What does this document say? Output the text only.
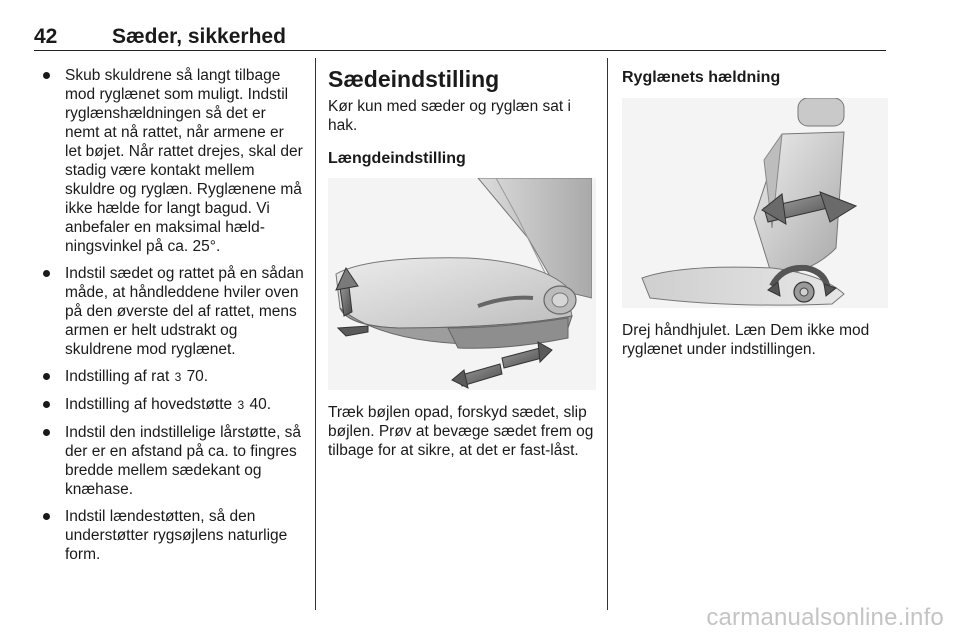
42	Sæder, sikkerhed
Skub skuldrene så langt tilbage mod ryglænet som muligt. Indstil ryglænshældningen så det er nemt at nå rattet, når armene er let bøjet. Når rattet drejes, skal der stadig være kontakt mellem skuldre og ryglæn. Ryglænene må ikke hælde for langt bagud. Vi anbefaler en maksimal hæld-ningsvinkel på ca. 25°.
Indstil sædet og rattet på en sådan måde, at håndleddene hviler oven på den øverste del af rattet, mens armen er helt udstrakt og skuldrene mod ryglænet.
Indstilling af rat 3 70.
Indstilling af hovedstøtte 3 40.
Indstil den indstillelige lårstøtte, så der er en afstand på ca. to fingres bredde mellem sædekant og knæhase.
Indstil lændestøtten, så den understøtter rygsøjlens naturlige form.
Sædeindstilling

Kør kun med sæder og ryglæn sat i hak.

Længdeindstilling

Træk bøjlen opad, forskyd sædet, slip bøjlen. Prøv at bevæge sædet frem og tilbage for at sikre, at det er fast-låst.

Ryglænets hældning

Drej håndhjulet. Læn Dem ikke mod ryglænet under indstillingen.

carmanualsonline.info
